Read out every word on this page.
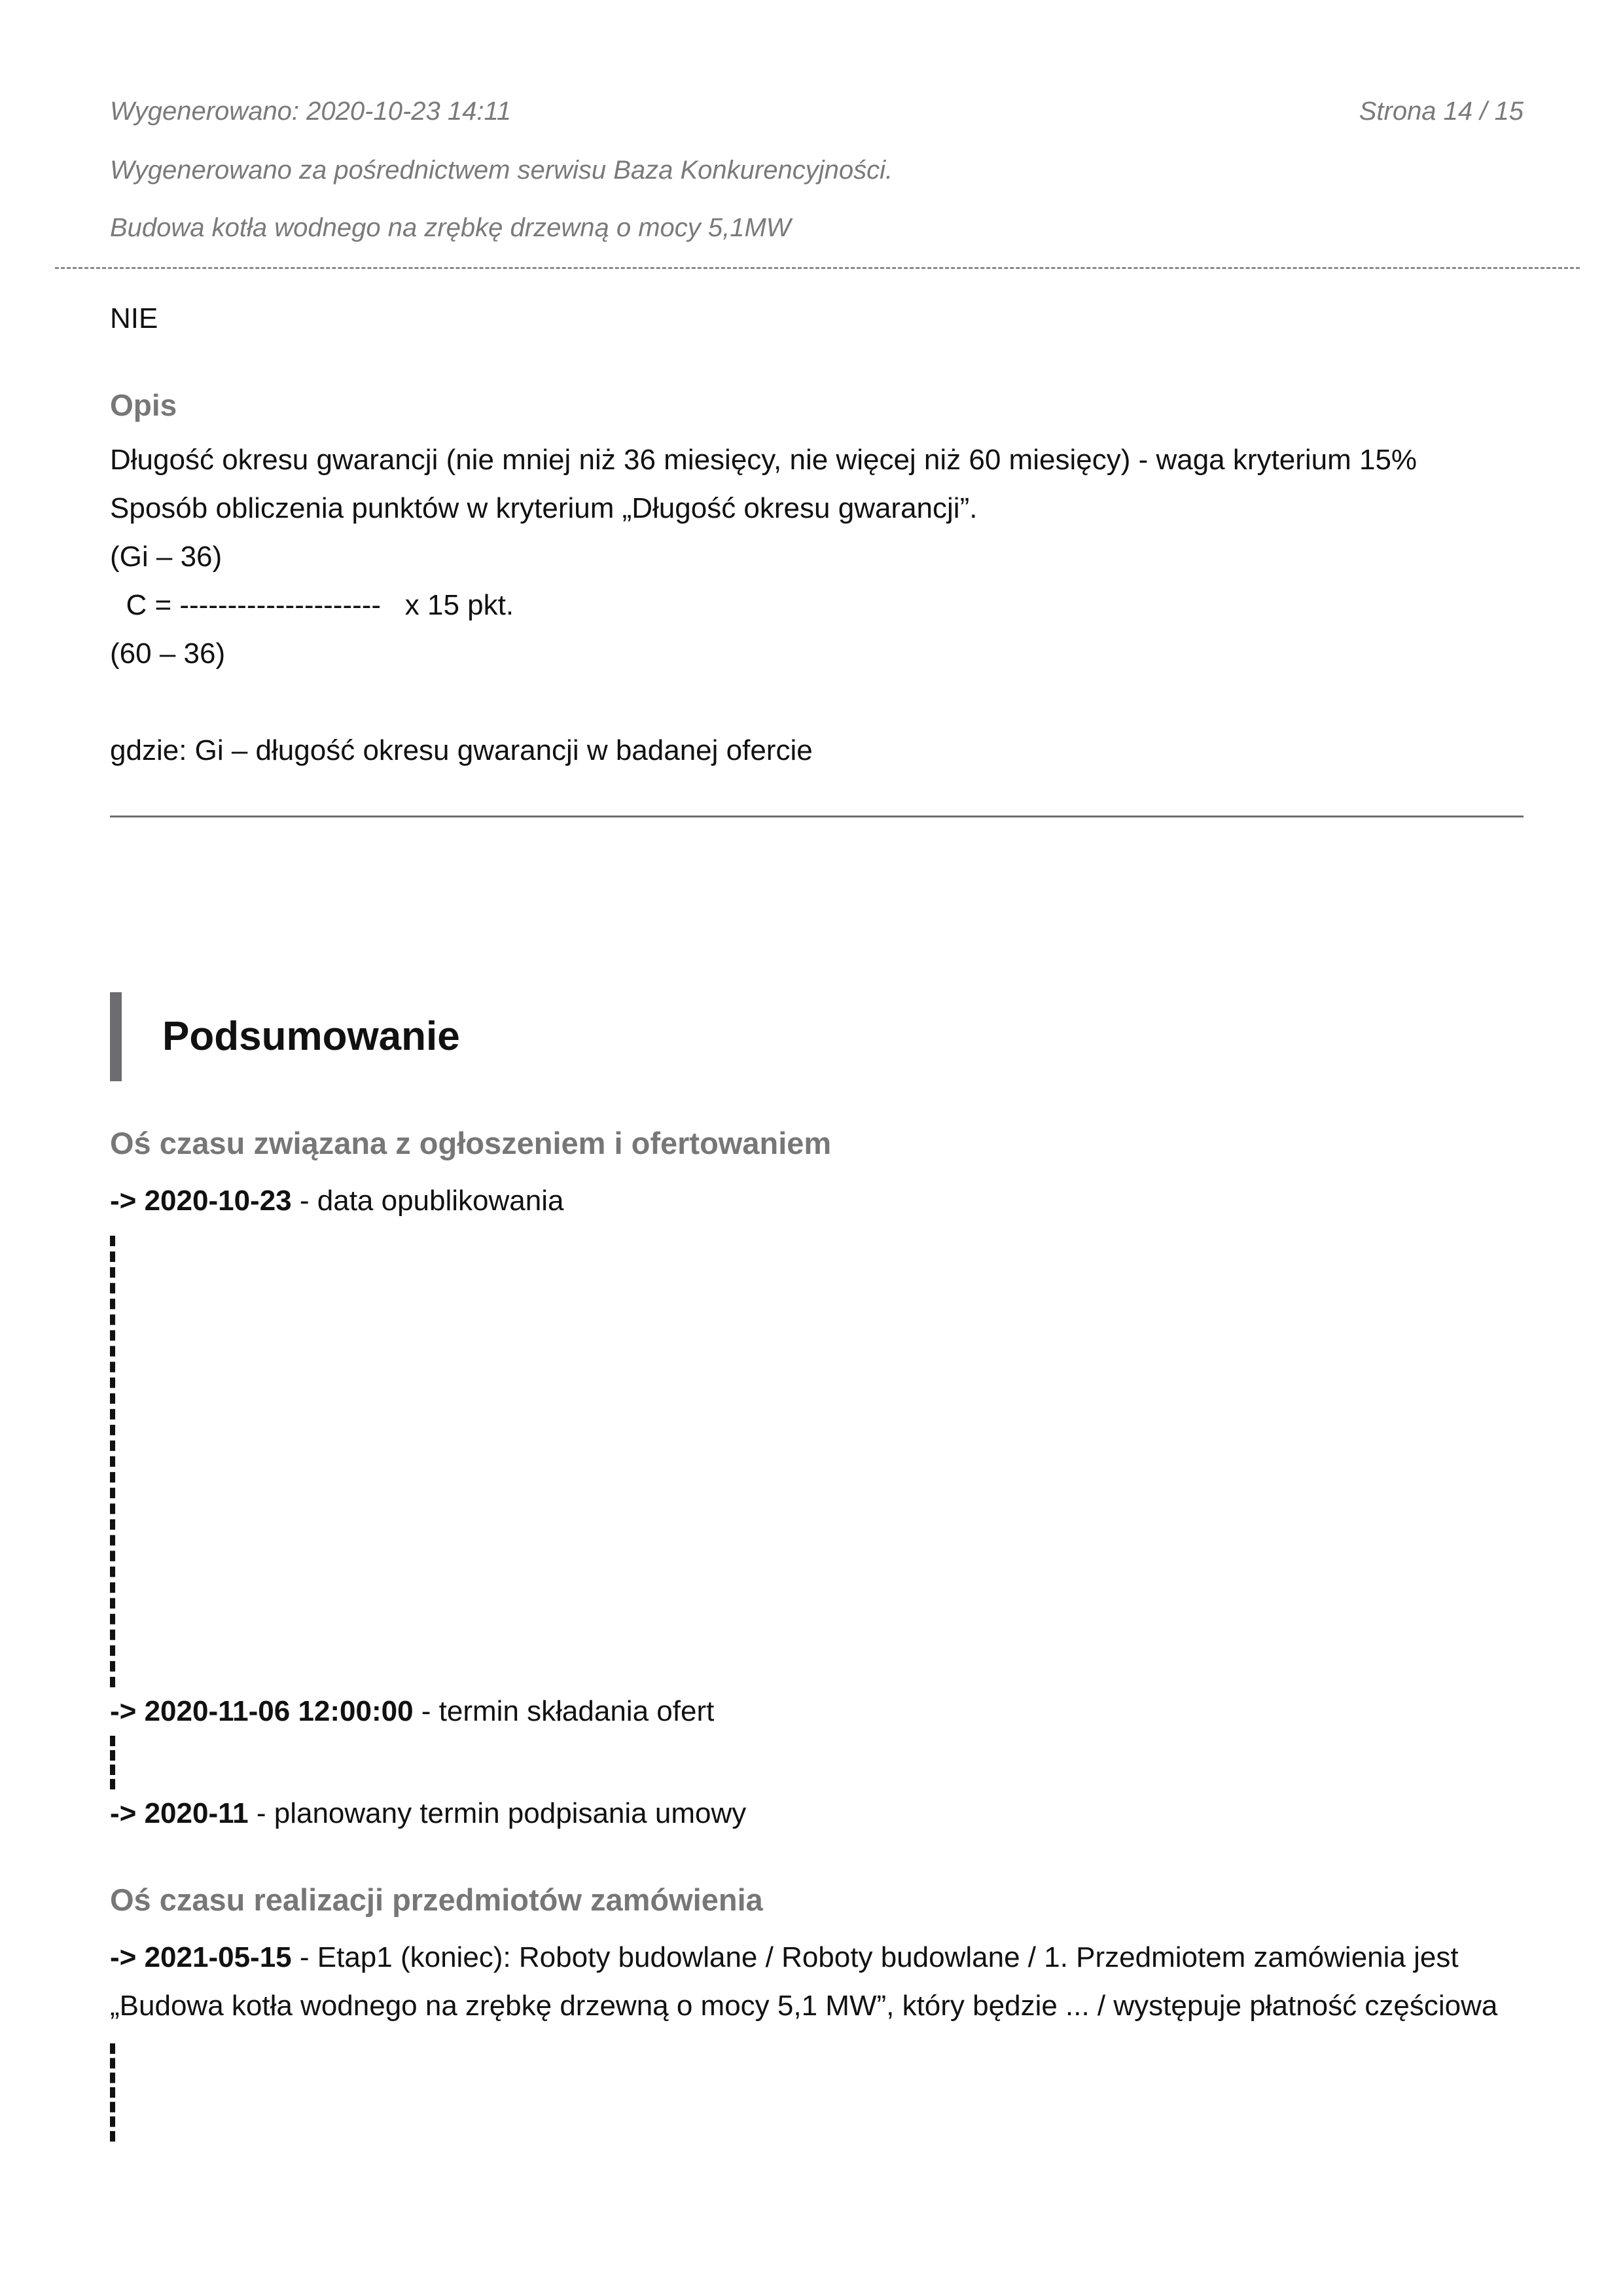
Wygenerowano: 2020-10-23 14:11	Strona 14 / 15
Wygenerowano za pośrednictwem serwisu Baza Konkurencyjności.
Budowa kotła wodnego na zrębkę drzewną o mocy 5,1MW

NIE

Opis

Długość okresu gwarancji (nie mniej niż 36 miesięcy, nie więcej niż 60 miesięcy) - waga kryterium 15%

Sposób obliczenia punktów w kryterium „Długość okresu gwarancji”.

(Gi – 36)

C = ---------------------   x 15 pkt.

(60 – 36)

gdzie: Gi – długość okresu gwarancji w badanej ofercie

Podsumowanie

Oś czasu związana z ogłoszeniem i ofertowaniem

-> 2020-10-23 - data opublikowania

-> 2020-11-06 12:00:00 - termin składania ofert

-> 2020-11 - planowany termin podpisania umowy

Oś czasu realizacji przedmiotów zamówienia

-> 2021-05-15 - Etap1 (koniec): Roboty budowlane / Roboty budowlane / 1. Przedmiotem zamówienia jest „Budowa kotła wodnego na zrębkę drzewną o mocy 5,1 MW”, który będzie ... / występuje płatność częściowa
